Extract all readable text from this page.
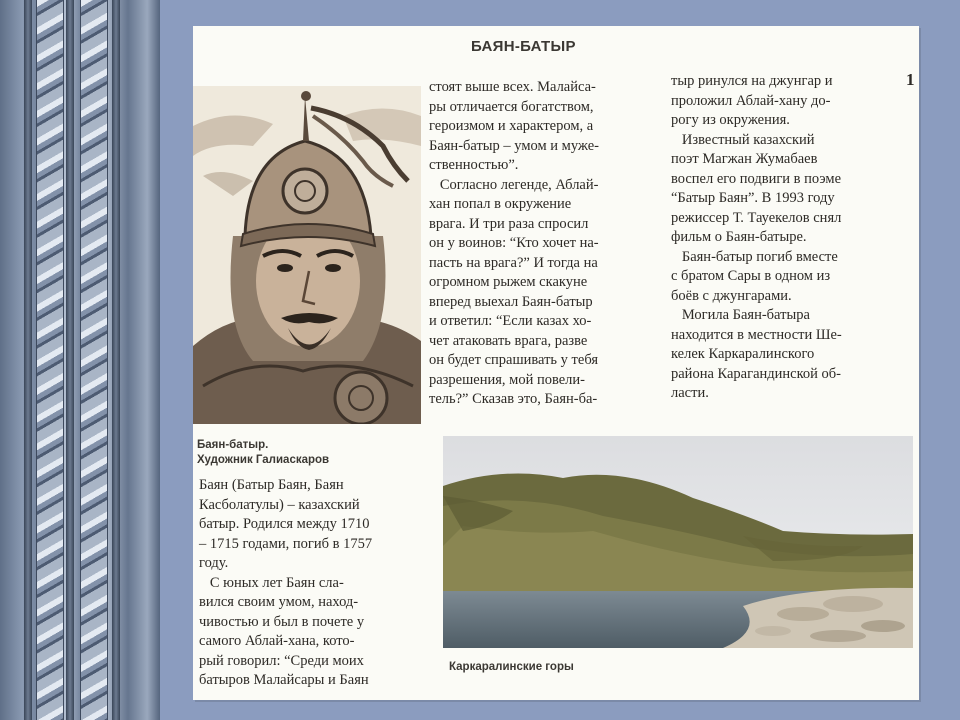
БАЯН-БАТЫР
Баян-батыр.
Художник Галиаскаров
Баян (Батыр Баян, Баян
Касболатулы) – казахский
батыр. Родился между 1710
– 1715 годами, погиб в 1757
году.
С юных лет Баян сла-
вился своим умом, наход-
чивостью и был в почете у
самого Аблай-хана, кото-
рый говорил: “Среди моих
батыров Малайсары и Баян
стоят выше всех. Малайса-
ры отличается богатством,
героизмом и характером, а
Баян-батыр – умом и муже-
ственностью”.
Согласно легенде, Аблай-
хан попал в окружение
врага. И три раза спросил
он у воинов: “Кто хочет на-
пасть на врага?” И тогда на
огромном рыжем скакуне
вперед выехал Баян-батыр
и ответил: “Если казах хо-
чет атаковать врага, разве
он будет спрашивать у тебя
разрешения, мой повели-
тель?” Сказав это, Баян-ба-
тыр ринулся на джунгар и
проложил Аблай-хану до-
рогу из окружения.
Известный казахский
поэт Магжан Жумабаев
воспел его подвиги в поэме
“Батыр Баян”. В 1993 году
режиссер Т. Тауекелов снял
фильм о Баян-батыре.
Баян-батыр погиб вместе
с братом Сары в одном из
боёв с джунгарами.
Могила Баян-батыра
находится в местности Ше-
келек Каркаралинского
района Карагандинской об-
ласти.
Каркаралинские горы
1
